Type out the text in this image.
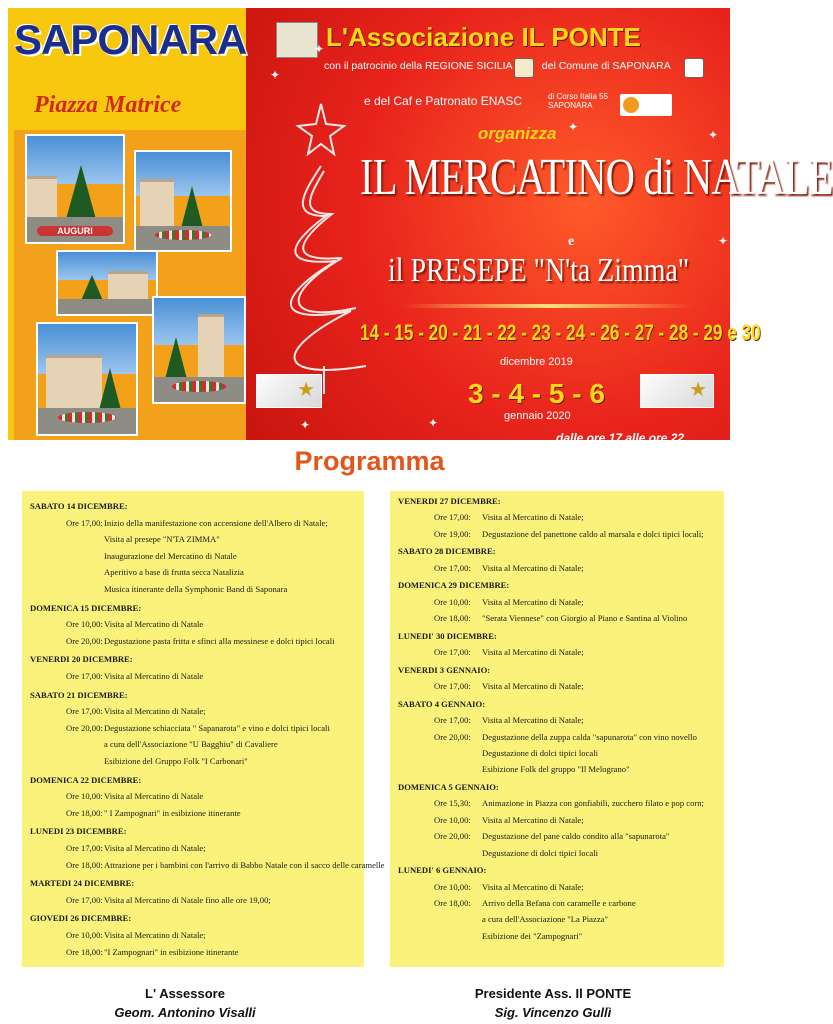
SAPONARA
Piazza Matrice
AUGURI
L'Associazione IL PONTE
con il patrocinio della REGIONE SICILIA	del Comune di SAPONARA
e del Caf e Patronato ENASC	di Corso Italia 55
SAPONARA
organizza
IL MERCATINO di NATALE
e
il PRESEPE "N'ta Zimma"
14 - 15 - 20 - 21 - 22 - 23 - 24 - 26 - 27 - 28 - 29 e 30
dicembre 2019
3 - 4 - 5 - 6
gennaio 2020
dalle ore 17 alle ore 22
★	★
✦
✦
✦
✦
✦
✦	✦
Programma
SABATO 14 DICEMBRE:
Ore 17,00:Inizio della manifestazione con accensione dell'Albero di Natale;
Visita al presepe "N'TA ZIMMA"
Inaugurazione del Mercatino di Natale
Aperitivo a base di frutta secca Natalizia
Musica itinerante della Symphonic Band di Saponara
DOMENICA 15 DICEMBRE:
Ore 10,00:Visita al Mercatino di Natale
Ore 20,00:Degustazione pasta fritta e sfinci alla messinese e dolci tipici locali
VENERDI 20 DICEMBRE:
Ore 17,00:Visita al Mercatino di Natale
SABATO 21 DICEMBRE:
Ore 17,00:Visita al Mercatino di Natale;
Ore 20,00:Degustazione schiacciata " Sapanarota" e vino e dolci tipici locali
a cura dell'Associazione "U Bagghiu" di Cavaliere
Esibizione del Gruppo Folk "I Carbonari"
DOMENICA 22 DICEMBRE:
Ore 10,00:Visita al Mercatino di Natale
Ore 18,00:" I Zampognari" in esibizione itinerante
LUNEDI 23 DICEMBRE:
Ore 17,00:Visita al Mercatino di Natale;
Ore 18,00:Attrazione per i bambini con l'arrivo di Babbo Natale con il sacco delle caramelle
MARTEDI 24 DICEMBRE:
Ore 17,00:Visita al Mercatino di Natale fino alle ore 19,00;
GIOVEDI 26 DICEMBRE:
Ore 10,00:Visita al Mercatino di Natale;
Ore 18,00:"I Zampognari" in esibizione itinerante
VENERDI 27 DICEMBRE:
Ore 17,00: Visita al Mercatino di Natale;
Ore 19,00: Degustazione del panettone caldo al marsala e dolci tipici locali;
SABATO 28 DICEMBRE:
Ore 17,00: Visita al Mercatino di Natale;
DOMENICA 29 DICEMBRE:
Ore 10,00: Visita al Mercatino di Natale;
Ore 18,00: "Serata Viennese" con Giorgio al Piano e Santina al Violino
LUNEDI' 30 DICEMBRE:
Ore 17,00: Visita al Mercatino di Natale;
VENERDI 3 GENNAIO:
Ore 17,00: Visita al Mercatino di Natale;
SABATO 4 GENNAIO:
Ore 17,00: Visita al Mercatino di Natale;
Ore 20,00: Degustazione della zuppa calda "sapunarota" con vino novello
Degustazione di dolci tipici locali
Esibizione Folk del gruppo "Il Melograno"
DOMENICA 5 GENNAIO:
Ore 15,30: Animazione in Piazza con gonfiabili, zucchero filato e pop corn;
Ore 10,00: Visita al Mercatino di Natale;
Ore 20,00: Degustazione del pane caldo condito alla "sapunarota"
Degustazione di dolci tipici locali
LUNEDI' 6 GENNAIO:
Ore 10,00: Visita al Mercatino di Natale;
Ore 18,00: Arrivo della Befana con caramelle e carbone
a cura dell'Associazione "La Piazza"
Esibizione dei "Zampognari"
L' Assessore
Geom. Antonino Visalli
Presidente Ass. Il PONTE
Sig. Vincenzo Gullì
